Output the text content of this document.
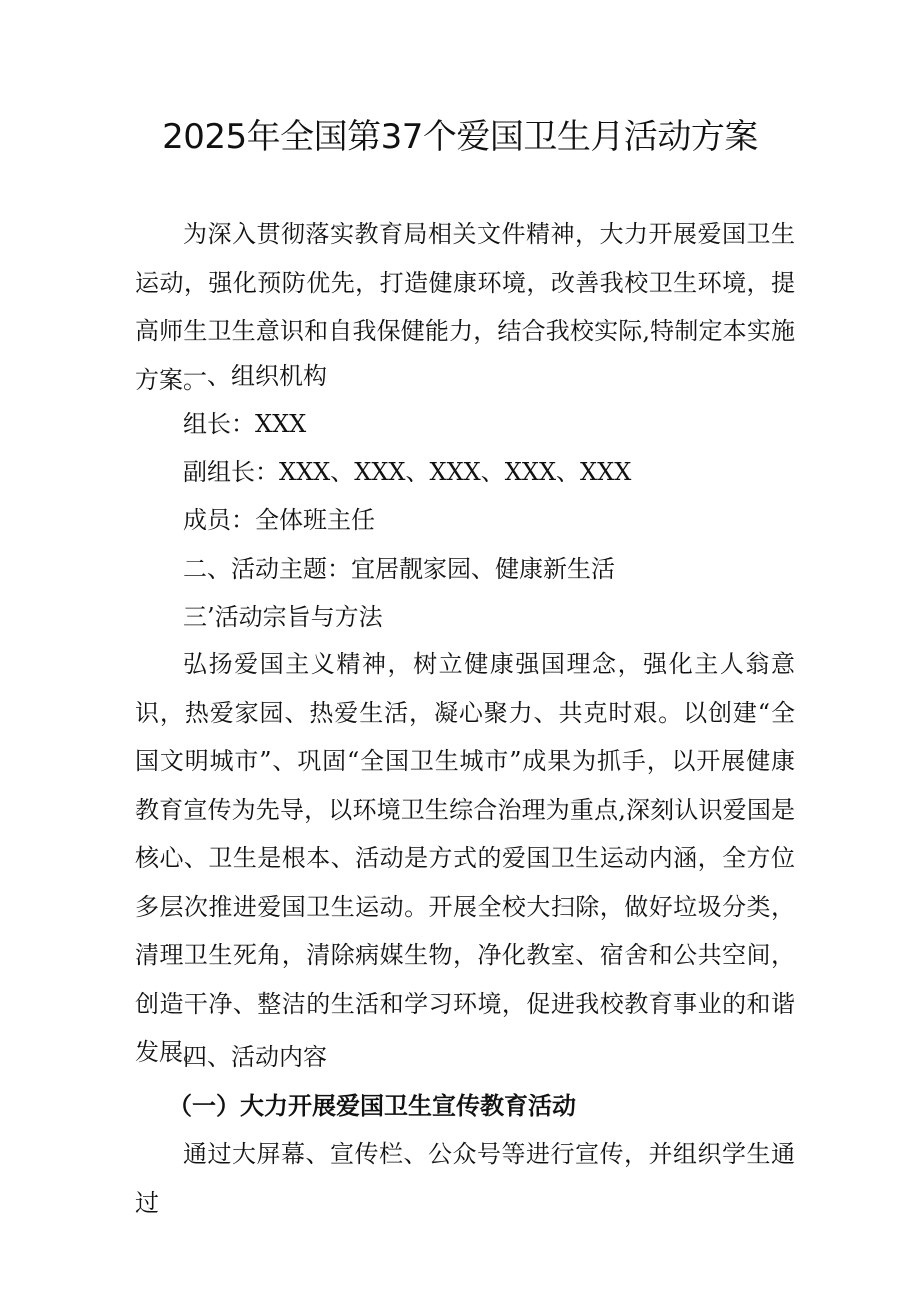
2025年全国第37个爱国卫生月活动方案

为深入贯彻落实教育局相关文件精神，大力开展爱国卫生运动，强化预防优先，打造健康环境，改善我校卫生环境，提高师生卫生意识和自我保健能力，结合我校实际,特制定本实施方案。

一、组织机构

组长：XXX

副组长：XXX、XXX、XXX、XXX、XXX

成员：全体班主任

二、活动主题：宜居靓家园、健康新生活

三’活动宗旨与方法

弘扬爱国主义精神，树立健康强国理念，强化主人翁意识，热爱家园、热爱生活，凝心聚力、共克时艰。以创建“全国文明城市”、巩固“全国卫生城市”成果为抓手，以开展健康教育宣传为先导，以环境卫生综合治理为重点,深刻认识爱国是核心、卫生是根本、活动是方式的爱国卫生运动内涵，全方位多层次推进爱国卫生运动。开展全校大扫除，做好垃圾分类，清理卫生死角，清除病媒生物，净化教室、宿舍和公共空间，创造干净、整洁的生活和学习环境，促进我校教育事业的和谐发展。

四、活动内容

（一）大力开展爱国卫生宣传教育活动

通过大屏幕、宣传栏、公众号等进行宣传，并组织学生通过
